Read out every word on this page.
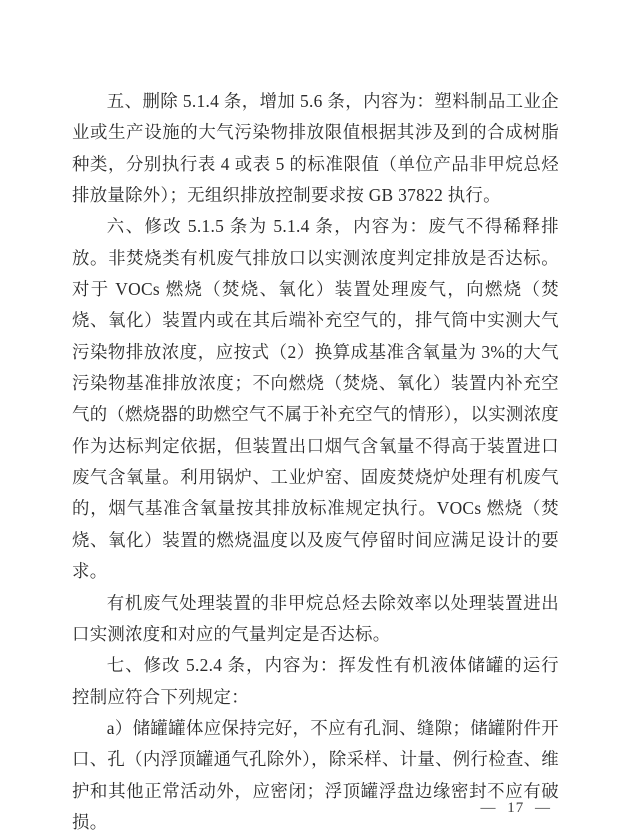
五、删除 5.1.4 条，增加 5.6 条，内容为：塑料制品工业企业或生产设施的大气污染物排放限值根据其涉及到的合成树脂种类，分别执行表 4 或表 5 的标准限值（单位产品非甲烷总烃排放量除外）；无组织排放控制要求按 GB 37822 执行。

六、修改 5.1.5 条为 5.1.4 条，内容为：废气不得稀释排放。非焚烧类有机废气排放口以实测浓度判定排放是否达标。对于 VOCs 燃烧（焚烧、氧化）装置处理废气，向燃烧（焚烧、氧化）装置内或在其后端补充空气的，排气筒中实测大气污染物排放浓度，应按式（2）换算成基准含氧量为 3%的大气污染物基准排放浓度；不向燃烧（焚烧、氧化）装置内补充空气的（燃烧器的助燃空气不属于补充空气的情形），以实测浓度作为达标判定依据，但装置出口烟气含氧量不得高于装置进口废气含氧量。利用锅炉、工业炉窑、固废焚烧炉处理有机废气的，烟气基准含氧量按其排放标准规定执行。VOCs 燃烧（焚烧、氧化）装置的燃烧温度以及废气停留时间应满足设计的要求。

有机废气处理装置的非甲烷总烃去除效率以处理装置进出口实测浓度和对应的气量判定是否达标。

七、修改 5.2.4 条，内容为：挥发性有机液体储罐的运行控制应符合下列规定：

a）储罐罐体应保持完好，不应有孔洞、缝隙；储罐附件开口、孔（内浮顶罐通气孔除外），除采样、计量、例行检查、维护和其他正常活动外，应密闭；浮顶罐浮盘边缘密封不应有破损。

— 17 —
